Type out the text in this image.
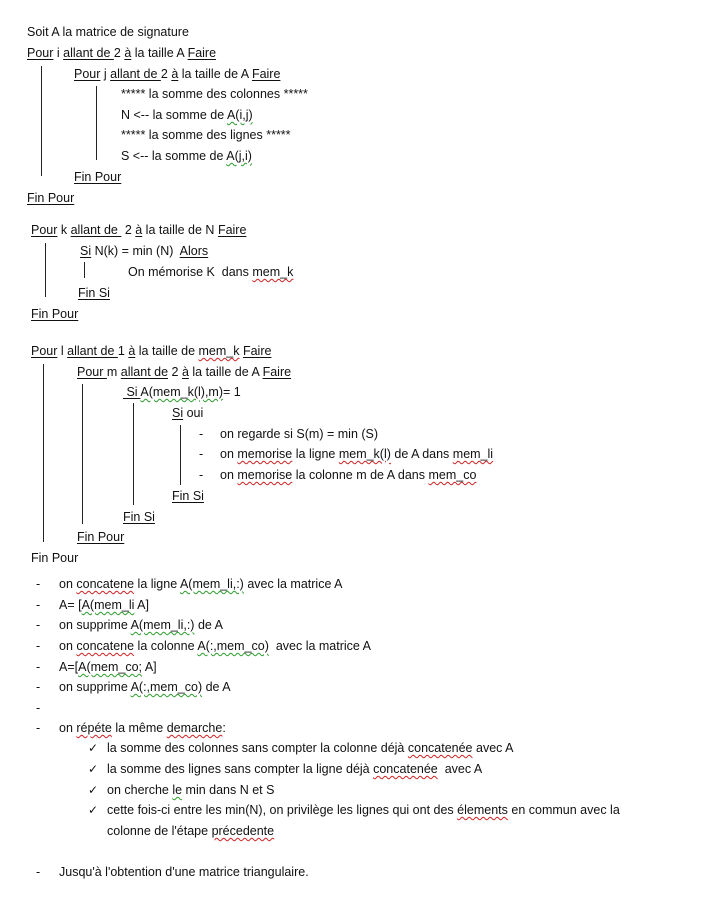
Soit A la matrice de signature
Pour i allant de 2 à la taille A Faire
Pour j allant de 2 à la taille de A Faire
***** la somme des colonnes *****
N <-- la somme de A(i,j)
***** la somme des lignes *****
S <-- la somme de A(j,i)
Fin Pour
Fin Pour
Pour k allant de  2 à la taille de N Faire
Si N(k) = min (N)  Alors
On mémorise K  dans mem_k
Fin Si
Fin Pour
Pour l allant de 1 à la taille de mem_k Faire
Pour m allant de 2 à la taille de A Faire
Si A(mem_k(l),m)= 1
Si oui
- on regarde si S(m) = min (S)
- on memorise la ligne mem_k(l) de A dans mem_li
- on memorise la colonne m de A dans mem_co
Fin Si
Fin Si
Fin Pour
Fin Pour
- on concatene la ligne A(mem_li,:) avec la matrice A
- A= [A(mem_li A]
- on supprime A(mem_li,:) de A
- on concatene la colonne A(:,mem_co)  avec la matrice A
- A=[A(mem_co; A]
- on supprime A(:,mem_co) de A
-
- on répéte la même demarche:
✓ la somme des colonnes sans compter la colonne déjà concatenée avec A
✓ la somme des lignes sans compter la ligne déjà concatenée  avec A
✓ on cherche le min dans N et S
✓ cette fois-ci entre les min(N), on privilège les lignes qui ont des élements en commun avec la
colonne de l'étape précedente
- Jusqu'à l'obtention d'une matrice triangulaire.
